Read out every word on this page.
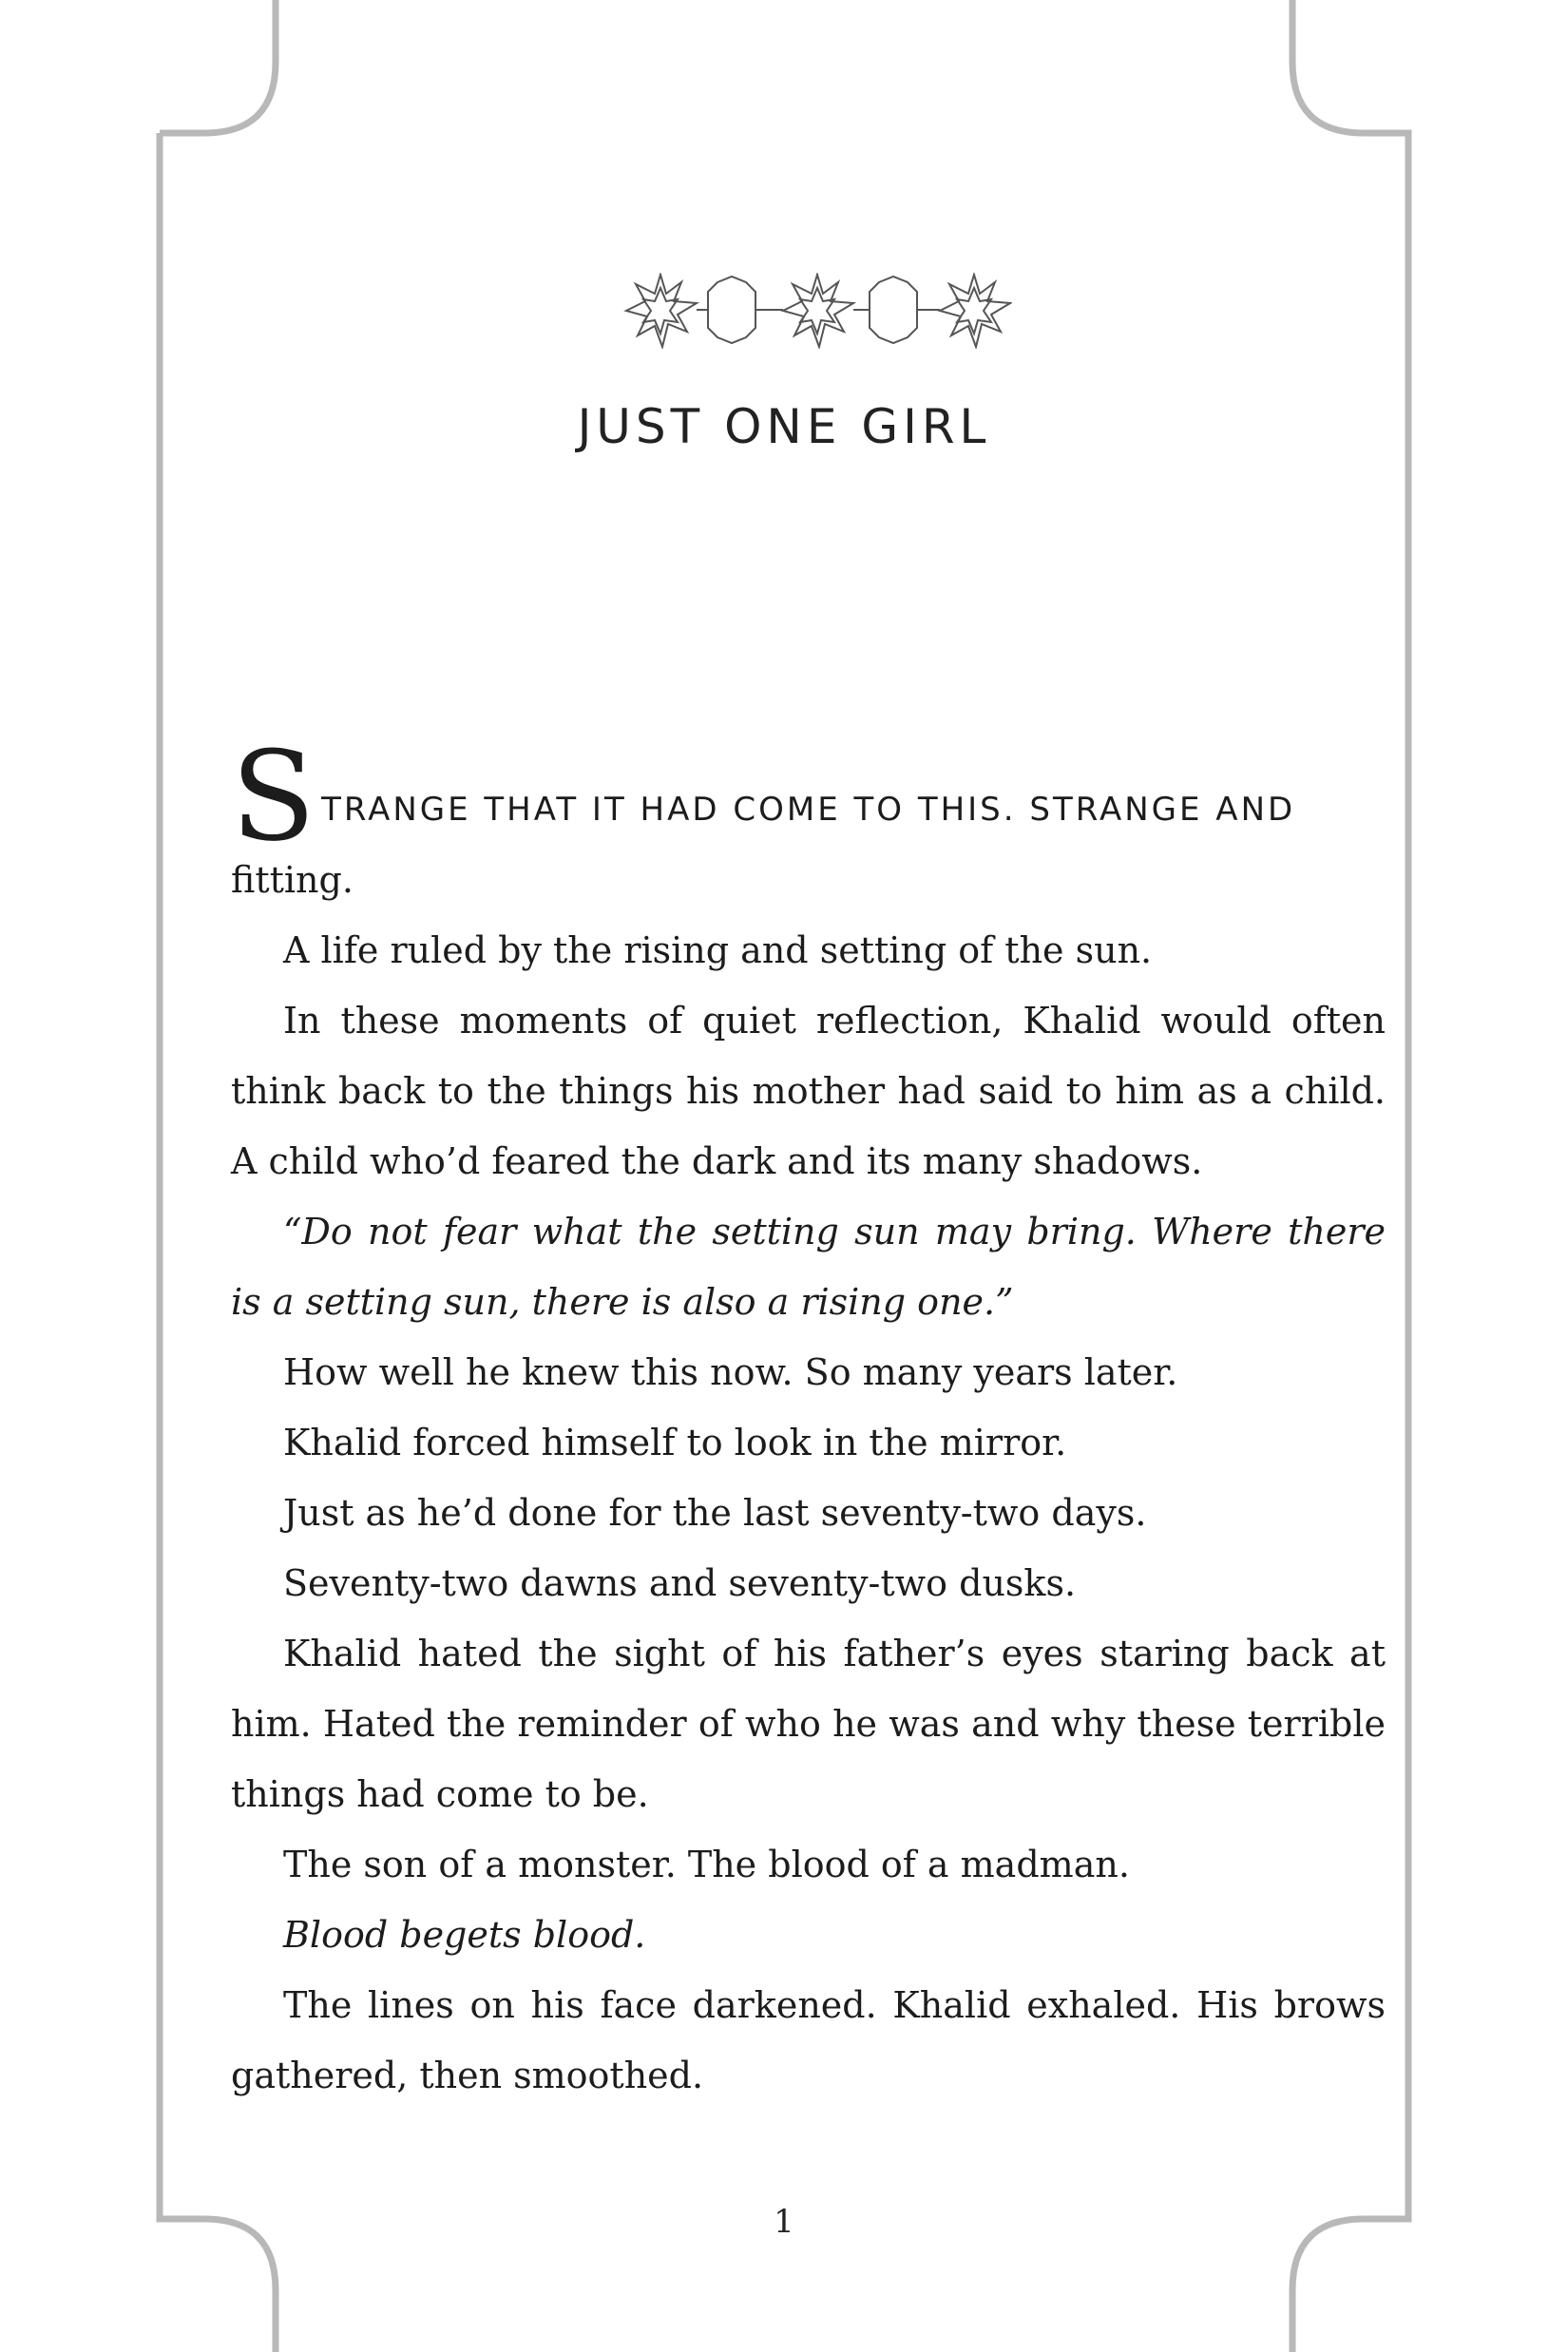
JUST ONE GIRL

S TRANGE THAT IT HAD COME TO THIS. STRANGE AND
fitting.

A life ruled by the rising and setting of the sun.

In these moments of quiet reflection, Khalid would often think back to the things his mother had said to him as a child. A child who’d feared the dark and its many shadows.

“Do not fear what the setting sun may bring. Where there is a setting sun, there is also a rising one.”

How well he knew this now. So many years later.

Khalid forced himself to look in the mirror.

Just as he’d done for the last seventy-two days.

Seventy-two dawns and seventy-two dusks.

Khalid hated the sight of his father’s eyes staring back at him. Hated the reminder of who he was and why these terrible things had come to be.

The son of a monster. The blood of a madman.

Blood begets blood.

The lines on his face darkened. Khalid exhaled. His brows gathered, then smoothed.

1
